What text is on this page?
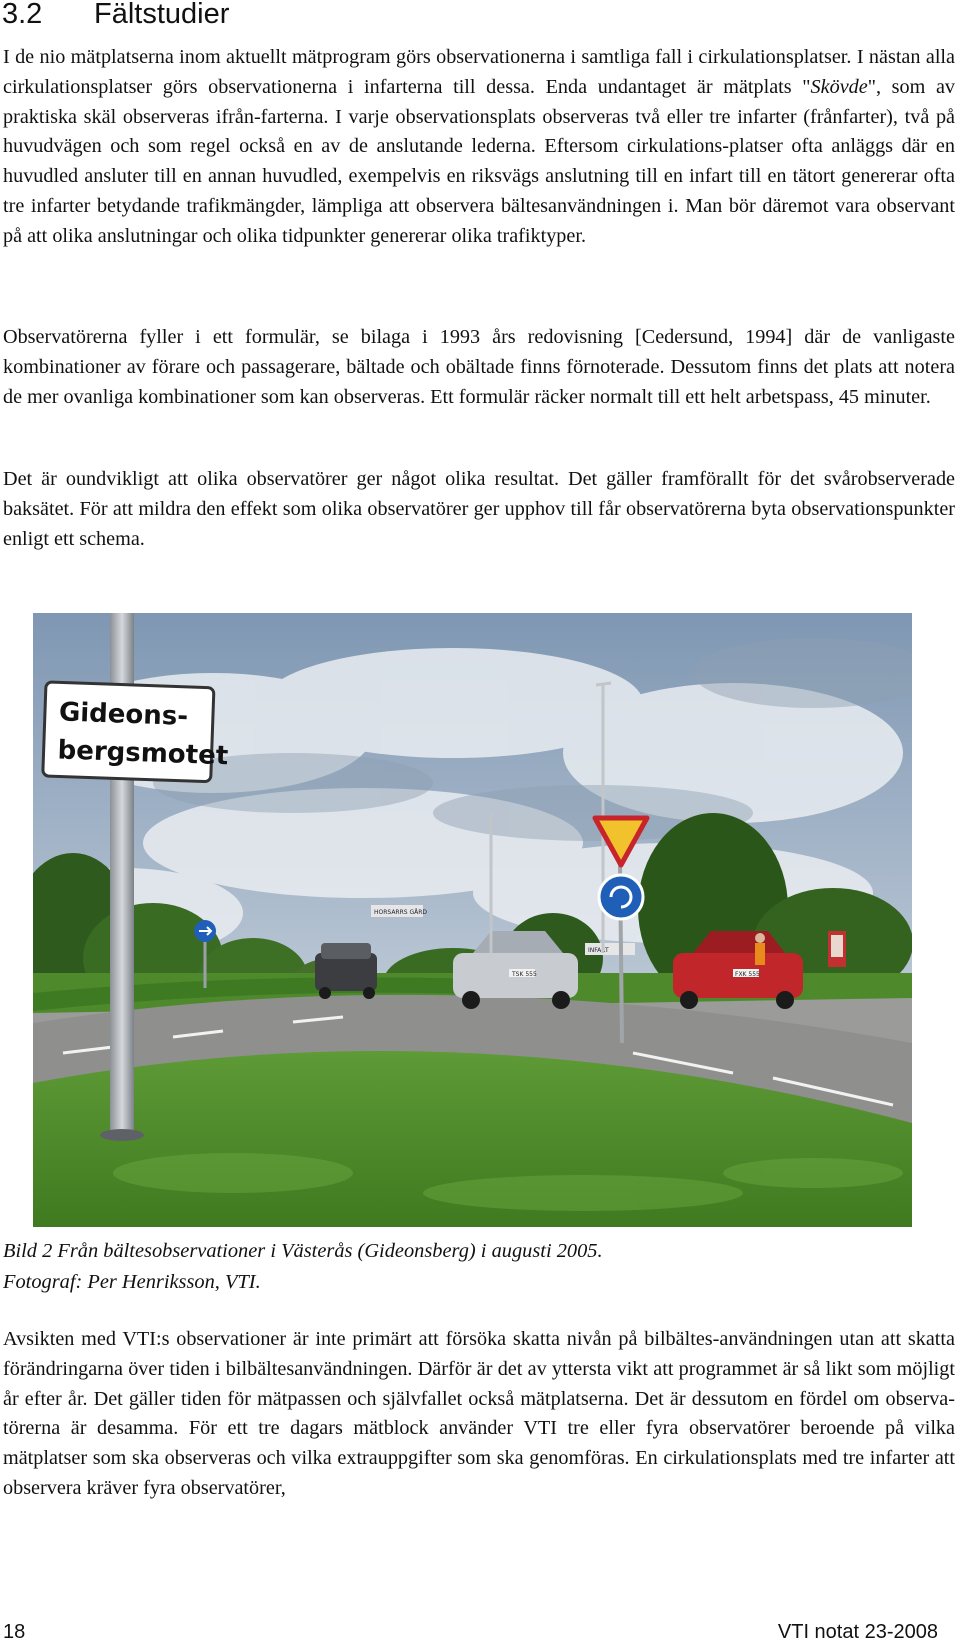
3.2 Fältstudier

I de nio mätplatserna inom aktuellt mätprogram görs observationerna i samtliga fall i cirkulationsplatser. I nästan alla cirkulationsplatser görs observationerna i infarterna till dessa. Enda undantaget är mätplats "Skövde", som av praktiska skäl observeras ifrån-farterna. I varje observationsplats observeras två eller tre infarter (frånfarter), två på huvudvägen och som regel också en av de anslutande lederna. Eftersom cirkulations-platser ofta anläggs där en huvudled ansluter till en annan huvudled, exempelvis en riksvägs anslutning till en infart till en tätort genererar ofta tre infarter betydande trafikmängder, lämpliga att observera bältesanvändningen i. Man bör däremot vara observant på att olika anslutningar och olika tidpunkter genererar olika trafiktyper.

Observatörerna fyller i ett formulär, se bilaga i 1993 års redovisning [Cedersund, 1994] där de vanligaste kombinationer av förare och passagerare, bältade och obältade finns förnoterade. Dessutom finns det plats att notera de mer ovanliga kombinationer som kan observeras. Ett formulär räcker normalt till ett helt arbetspass, 45 minuter.

Det är oundvikligt att olika observatörer ger något olika resultat. Det gäller framförallt för det svårobserverade baksätet. För att mildra den effekt som olika observatörer ger upphov till får observatörerna byta observationspunkter enligt ett schema.

TSK 555	FXK 555
HORSARRS GÅRD
INFART
Gideons-
bergsmotet

Bild 2 Från bältesobservationer i Västerås (Gideonsberg) i augusti 2005.
Fotograf: Per Henriksson, VTI.

Avsikten med VTI:s observationer är inte primärt att försöka skatta nivån på bilbältes-användningen utan att skatta förändringarna över tiden i bilbältesanvändningen. Därför är det av yttersta vikt att programmet är så likt som möjligt år efter år. Det gäller tiden för mätpassen och självfallet också mätplatserna. Det är dessutom en fördel om observa-törerna är desamma. För ett tre dagars mätblock använder VTI tre eller fyra observatörer beroende på vilka mätplatser som ska observeras och vilka extrauppgifter som ska genomföras. En cirkulationsplats med tre infarter att observera kräver fyra observatörer,

18	VTI notat 23-2008
